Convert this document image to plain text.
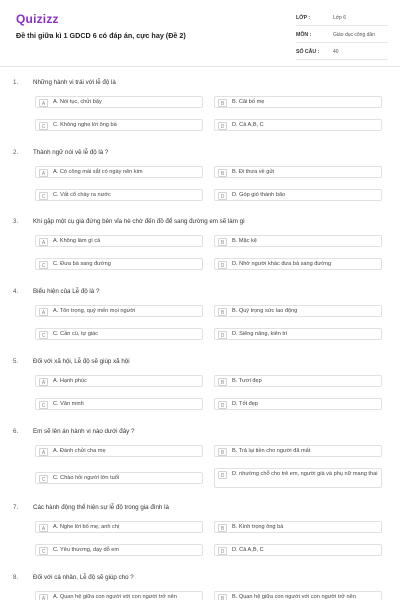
Quizizz
Đề thi giữa kì 1 GDCD 6 có đáp án, cực hay (Đề 2)
LỚP :	Lớp 6
MÔN :	Giáo dục công dân
SỐ CÂU :	40
1. Những hành vi trái với lễ độ là
A	A. Nói tục, chửi bậy	B	B. Cãi bố mẹ
C	C. Không nghe lời ông bà	D	D. Cả A,B, C
2. Thành ngữ nói về lễ độ là ?
A	A. Có công mài sắt có ngày nên kim	B	B. Đi thưa về gửi
C	C. Vất cổ chày ra nước	D	D. Góp gió thành bão
3. Khi gặp một cụ già đứng bên vỉa hè chờ đến đồ để sang đường em sẽ làm gì
A	A. Không làm gì cả	B	B. Mặc kệ
C	C. Đưa bà sang đường	D	D. Nhờ người khác đưa bà sang đường
4. Biểu hiện của Lễ độ là ?
A	A. Tôn trọng, quý mến mọi người	B	B. Quý trọng sức lao động
C	C. Cần cù, tự giác	D	D. Siêng năng, kiên trì
5. Đối với xã hội, Lễ độ sẽ giúp xã hội
A	A. Hạnh phúc	B	B. Tươi đẹp
C	C. Văn minh	D	D. Tốt đẹp
6. Em sẽ lên án hành vi nào dưới đây ?
A	A. Đánh chửi cha mẹ	B	B. Trả lại tiền cho người đã mất
C	C. Chào hỏi người lớn tuổi	D	D. nhường chỗ cho trẻ em, người già và phụ nữ mang thai
7. Các hành động thể hiện sự lễ độ trong gia đình là
A	A. Nghe lời bố mẹ, anh chị	B	B. Kính trọng ông bà
C	C. Yêu thương, dạy dỗ em	D	D. Cả A,B, C
8. Đối với cá nhân, Lễ độ sẽ giúp cho ?
A	A. Quan hệ giữa con người với con người trở nên	B	B. Quan hệ giữa con người với con người trở nên
